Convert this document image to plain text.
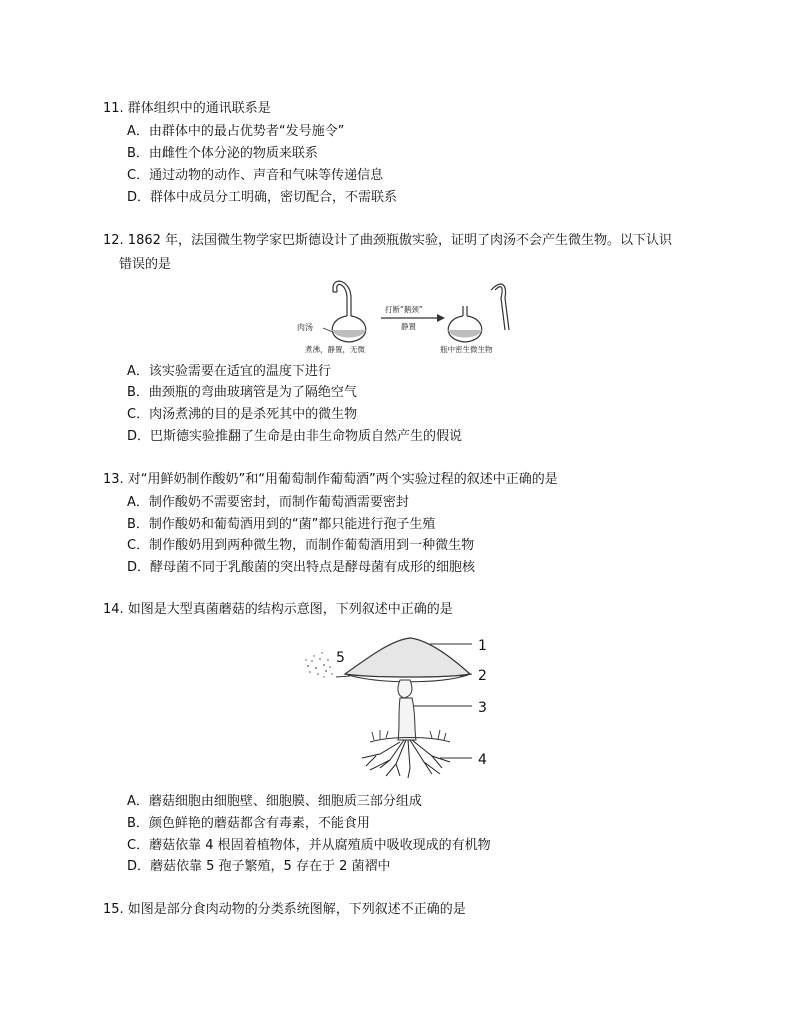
11. 群体组织中的通讯联系是
A．由群体中的最占优势者“发号施令”
B．由雌性个体分泌的物质来联系
C．通过动物的动作、声音和气味等传递信息
D．群体中成员分工明确，密切配合，不需联系
12. 1862 年，法国微生物学家巴斯德设计了曲颈瓶傲实验，证明了肉汤不会产生微生物。以下认识
错误的是
肉汤
煮沸，静置，无微
打断“鹅颈”
静置
瓶中密生微生物
A．该实验需要在适宜的温度下进行
B．曲颈瓶的弯曲玻璃管是为了隔绝空气
C．肉汤煮沸的目的是杀死其中的微生物
D．巴斯德实验推翻了生命是由非生命物质自然产生的假说
13. 对“用鲜奶制作酸奶”和“用葡萄制作葡萄酒”两个实验过程的叙述中正确的是
A．制作酸奶不需要密封，而制作葡萄酒需要密封
B．制作酸奶和葡萄酒用到的“菌”都只能进行孢子生殖
C．制作酸奶用到两种微生物，而制作葡萄酒用到一种微生物
D．酵母菌不同于乳酸菌的突出特点是酵母菌有成形的细胞核
14. 如图是大型真菌蘑菇的结构示意图，下列叙述中正确的是
1
2
3
4
5
A．蘑菇细胞由细胞壁、细胞膜、细胞质三部分组成
B．颜色鲜艳的蘑菇都含有毒素，不能食用
C．蘑菇依靠 4 根固着植物体，并从腐殖质中吸收现成的有机物
D．蘑菇依靠 5 孢子繁殖，5 存在于 2 菌褶中
15. 如图是部分食肉动物的分类系统图解，下列叙述不正确的是
